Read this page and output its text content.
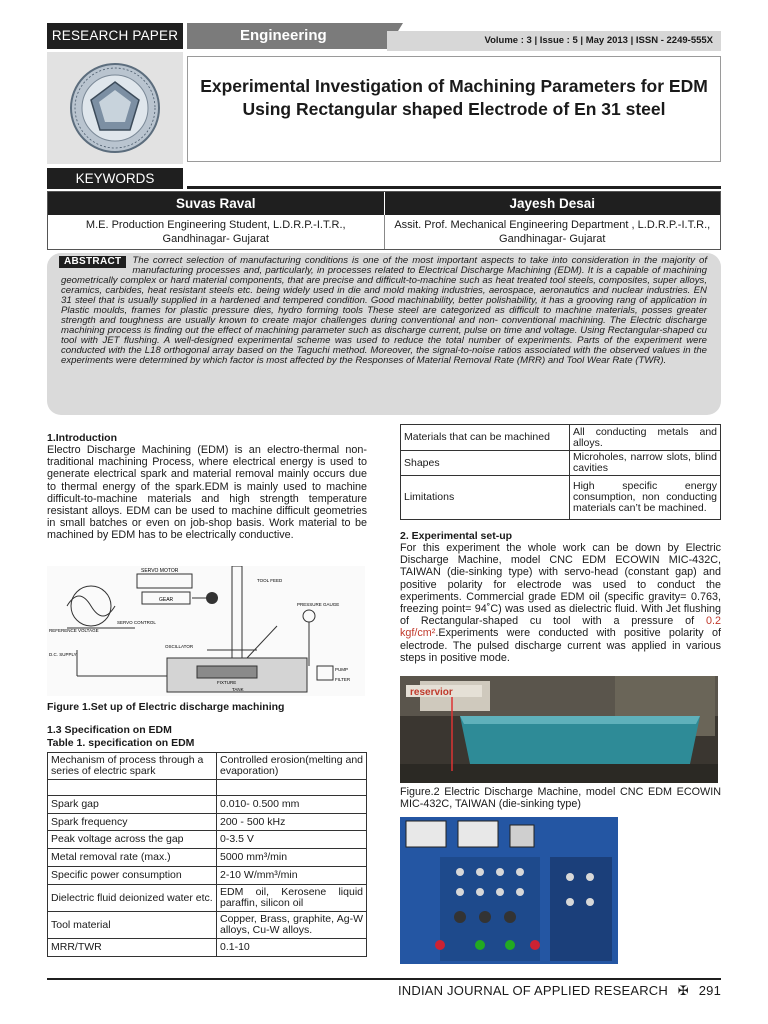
RESEARCH PAPER	Engineering	Volume : 3 | Issue : 5 | May 2013 | ISSN - 2249-555X
Experimental Investigation of Machining Parameters for EDM Using Rectangular shaped Electrode of En 31 steel
KEYWORDS
Suvas Raval	Jayesh Desai
M.E. Production Engineering Student, L.D.R.P.-I.T.R., Gandhinagar- Gujarat
Assit. Prof. Mechanical Engineering Department , L.D.R.P.-I.T.R., Gandhinagar- Gujarat
ABSTRACT	The correct selection of manufacturing conditions is one of the most important aspects to take into consideration in the majority of manufacturing processes and, particularly, in processes related to Electrical Discharge Machining (EDM). It is a capable of machining geometrically complex or hard material components, that are precise and difficult-to-machine such as heat treated tool steels, composites, super alloys, ceramics, carbides, heat resistant steels etc. being widely used in die and mold making industries, aerospace, aeronautics and nuclear industries. EN 31 steel that is usually supplied in a hardened and tempered condition. Good machinability, better polishability, it has a grooving rang of application in Plastic moulds, frames for plastic pressure dies, hydro forming tools These steel are categorized as difficult to machine materials, posses greater strength and toughness are usually known to create major challenges during conventional and non- conventional machining. The Electric discharge machining process is finding out the effect of machining parameter such as discharge current, pulse on time and voltage. Using Rectangular-shaped cu tool with JET flushing. A well-designed experimental scheme was used to reduce the total number of experiments. Parts of the experiment were conducted with the L18 orthogonal array based on the Taguchi method. Moreover, the signal-to-noise ratios associated with the observed values in the experiments were determined by which factor is most affected by the Responses of Material Removal Rate (MRR) and Tool Wear Rate (TWR).
1.Introduction
Electro Discharge Machining (EDM) is an electro-thermal non-traditional machining Process, where electrical energy is used to generate electrical spark and material removal mainly occurs due to thermal energy of the spark.EDM is mainly used to machine difficult-to-machine materials and high strength temperature resistant alloys. EDM can be used to machine difficult geometries in small batches or even on job-shop basis. Work material to be machined by EDM has to be electrically conductive.
SERVO MOTOR
GEAR
REFERENCE VOLTAGE
SERVO CONTROL
D.C. SUPPLY
OSCILLATOR
TOOL FEED
PRESSURE GAUGE
FIXTURE
TANK
PUMP
FILTER
Figure 1.Set up of Electric discharge machining
1.3 Specification on EDM
Table 1. specification on EDM
Mechanism of process through a series of electric spark	Controlled erosion(melting and evaporation)

Spark gap	0.010- 0.500 mm
Spark frequency	200 - 500 kHz
Peak voltage across the gap	0-3.5 V
Metal removal rate (max.)	5000 mm³/min
Specific power consumption	2-10 W/mm³/min
Dielectric fluid deionized water etc.	EDM oil, Kerosene liquid paraffin, silicon oil
Tool material	Copper, Brass, graphite, Ag-W alloys, Cu-W alloys.
MRR/TWR	0.1-10
Materials that can be machined	All conducting metals and alloys.
Shapes	Microholes, narrow slots, blind cavities
Limitations	High specific energy consumption, non conducting materials can’t be machined.
2. Experimental set-up
For this experiment the whole work can be down by Electric Discharge Machine, model CNC EDM ECOWIN MIC-432C, TAIWAN (die-sinking type) with servo-head (constant gap) and positive polarity for electrode was used to conduct the experiments. Commercial grade EDM oil (specific gravity= 0.763, freezing point= 94˚C) was used as dielectric fluid. With Jet flushing of Rectangular-shaped cu tool with a pressure of 0.2 kgf/cm².Experiments were conducted with positive polarity of electrode. The pulsed discharge current was applied in various steps in positive mode.
reservior
Figure.2 Electric Discharge Machine, model CNC EDM ECOWIN MIC-432C, TAIWAN (die-sinking type)
INDIAN JOURNAL OF APPLIED RESEARCH ✠ 291
